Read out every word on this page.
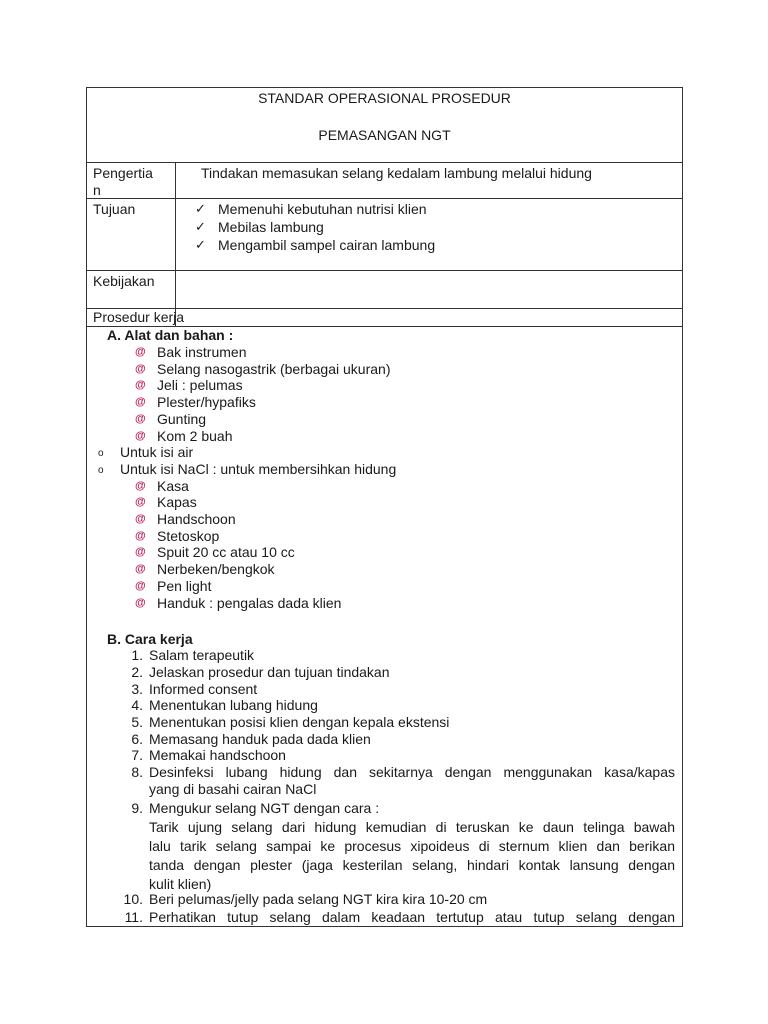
STANDAR OPERASIONAL PROSEDUR
PEMASANGAN NGT
Pengertia
n
Tindakan memasukan selang kedalam lambung melalui hidung
Tujuan	✓ Memenuhi kebutuhan nutrisi klien
✓ Mebilas lambung
✓ Mengambil sampel cairan lambung
Kebijakan
Prosedur kerja
A. Alat dan bahan :
@ Bak instrumen
@ Selang nasogastrik (berbagai ukuran)
@ Jeli : pelumas
@ Plester/hypafiks
@ Gunting
@ Kom 2 buah
o Untuk isi air
o Untuk isi NaCl : untuk membersihkan hidung
@ Kasa
@ Kapas
@ Handschoon
@ Stetoskop
@ Spuit 20 cc atau 10 cc
@ Nerbeken/bengkok
@ Pen light
@ Handuk : pengalas dada klien
B. Cara kerja
1. Salam terapeutik
2. Jelaskan prosedur dan tujuan tindakan
3. Informed consent
4. Menentukan lubang hidung
5. Menentukan posisi klien dengan kepala ekstensi
6. Memasang handuk pada dada klien
7. Memakai handschoon
8. Desinfeksi lubang hidung dan sekitarnya dengan menggunakan kasa/kapas
yang di basahi cairan NaCl
9. Mengukur selang NGT dengan cara :
10. Beri pelumas/jelly pada selang NGT kira kira 10-20 cm
11. Perhatikan tutup selang dalam keadaan tertutup atau tutup selang dengan
Tarik ujung selang dari hidung kemudian di teruskan ke daun telinga bawah
lalu tarik selang sampai ke procesus xipoideus di sternum klien dan berikan
tanda dengan plester (jaga kesterilan selang, hindari kontak lansung dengan
kulit klien)
